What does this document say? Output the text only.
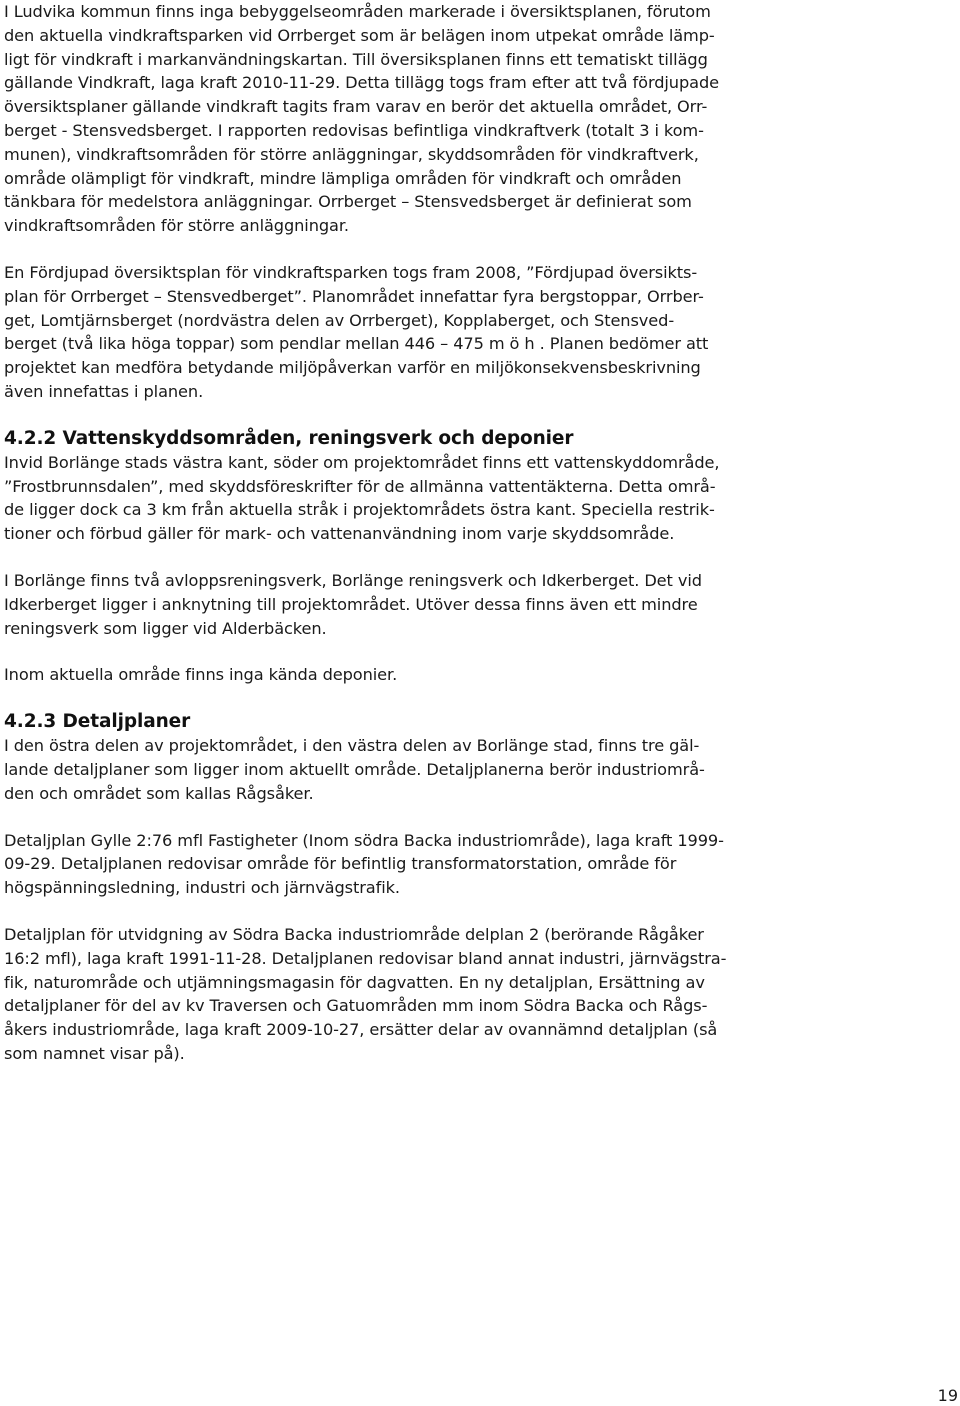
I Ludvika kommun finns inga bebyggelseområden markerade i översiktsplanen, förutom
den aktuella vindkraftsparken vid Orrberget som är belägen inom utpekat område lämp-
ligt för vindkraft i markanvändningskartan. Till översiksplanen finns ett tematiskt tillägg
gällande Vindkraft, laga kraft 2010-11-29. Detta tillägg togs fram efter att två fördjupade
översiktsplaner gällande vindkraft tagits fram varav en berör det aktuella området, Orr-
berget - Stensvedsberget. I rapporten redovisas befintliga vindkraftverk (totalt 3 i kom-
munen), vindkraftsområden för större anläggningar, skyddsområden för vindkraftverk,
område olämpligt för vindkraft, mindre lämpliga områden för vindkraft och områden
tänkbara för medelstora anläggningar. Orrberget – Stensvedsberget är definierat som
vindkraftsområden för större anläggningar.

En Fördjupad översiktsplan för vindkraftsparken togs fram 2008, ”Fördjupad översikts-
plan för Orrberget – Stensvedberget”. Planområdet innefattar fyra bergstoppar, Orrber-
get, Lomtjärnsberget (nordvästra delen av Orrberget), Kopplaberget, och Stensved-
berget (två lika höga toppar) som pendlar mellan 446 – 475 m ö h . Planen bedömer att
projektet kan medföra betydande miljöpåverkan varför en miljökonsekvensbeskrivning
även innefattas i planen.

4.2.2 Vattenskyddsområden, reningsverk och deponier

Invid Borlänge stads västra kant, söder om projektområdet finns ett vattenskyddområde,
”Frostbrunnsdalen”, med skyddsföreskrifter för de allmänna vattentäkterna. Detta områ-
de ligger dock ca 3 km från aktuella stråk i projektområdets östra kant. Speciella restrik-
tioner och förbud gäller för mark- och vattenanvändning inom varje skyddsområde.

I Borlänge finns två avloppsreningsverk, Borlänge reningsverk och Idkerberget. Det vid
Idkerberget ligger i anknytning till projektområdet. Utöver dessa finns även ett mindre
reningsverk som ligger vid Alderbäcken.

Inom aktuella område finns inga kända deponier.

4.2.3 Detaljplaner

I den östra delen av projektområdet, i den västra delen av Borlänge stad, finns tre gäl-
lande detaljplaner som ligger inom aktuellt område. Detaljplanerna berör industriområ-
den och området som kallas Rågsåker.

Detaljplan Gylle 2:76 mfl Fastigheter (Inom södra Backa industriområde), laga kraft 1999-
09-29. Detaljplanen redovisar område för befintlig transformatorstation, område för
högspänningsledning, industri och järnvägstrafik.

Detaljplan för utvidgning av Södra Backa industriområde delplan 2 (berörande Rågåker
16:2 mfl), laga kraft 1991-11-28. Detaljplanen redovisar bland annat industri, järnvägstra-
fik, naturområde och utjämningsmagasin för dagvatten. En ny detaljplan, Ersättning av
detaljplaner för del av kv Traversen och Gatuområden mm inom Södra Backa och Rågs-
åkers industriområde, laga kraft 2009-10-27, ersätter delar av ovannämnd detaljplan (så
som namnet visar på).

19
